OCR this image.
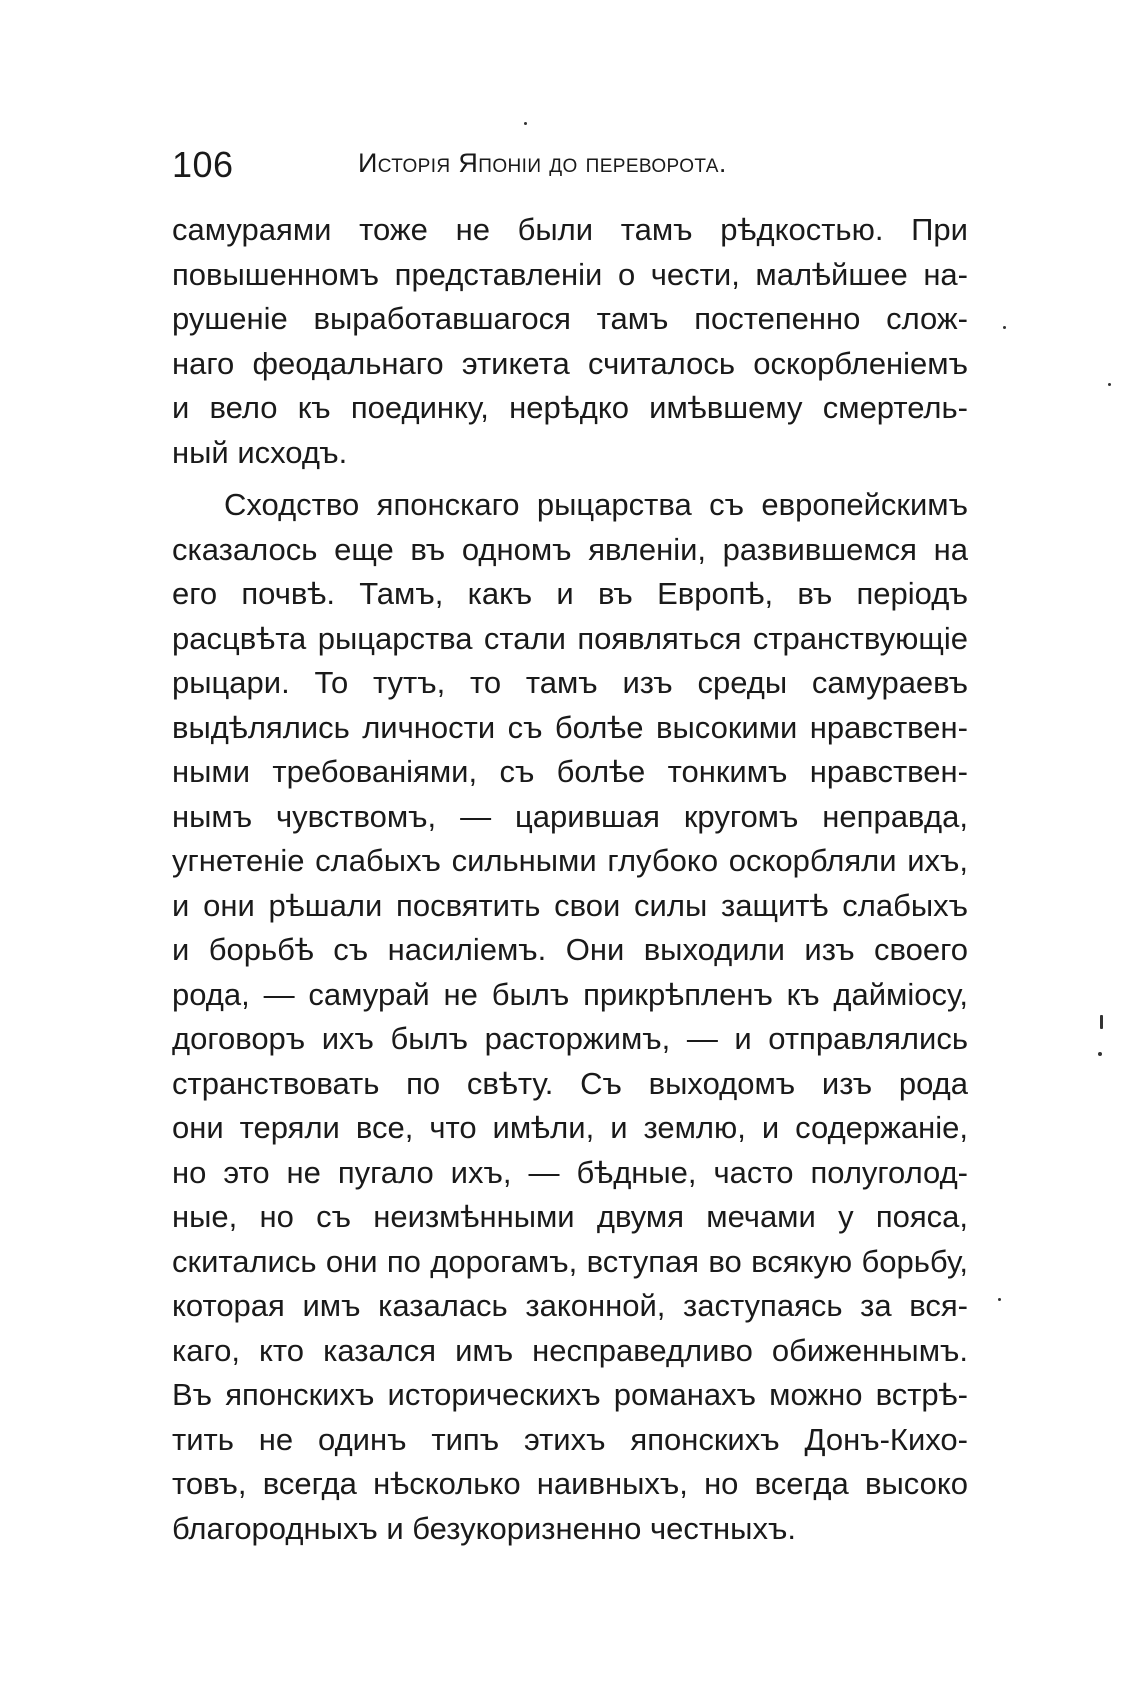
106	Исторія Японіи до переворота.
самураями тоже не были тамъ рѣдкостью. При
повышенномъ представленіи о чести, малѣйшее на-
рушеніе выработавшагося тамъ постепенно слож-
наго феодальнаго этикета считалось оскорбленіемъ
и вело къ поединку, нерѣдко имѣвшему смертель-
ный исходъ.
Сходство японскаго рыцарства съ европейскимъ
сказалось еще въ одномъ явленіи, развившемся на
его почвѣ. Тамъ, какъ и въ Европѣ, въ періодъ
расцвѣта рыцарства стали появляться странствующіе
рыцари. То тутъ, то тамъ изъ среды самураевъ
выдѣлялись личности съ болѣе высокими нравствен-
ными требованіями, съ болѣе тонкимъ нравствен-
нымъ чувствомъ, — царившая кругомъ неправда,
угнетеніе слабыхъ сильными глубоко оскорбляли ихъ,
и они рѣшали посвятить свои силы защитѣ слабыхъ
и борьбѣ съ насиліемъ. Они выходили изъ своего
рода, — самурай не былъ прикрѣпленъ къ дайміосу,
договоръ ихъ былъ расторжимъ, — и отправлялись
странствовать по свѣту. Съ выходомъ изъ рода
они теряли все, что имѣли, и землю, и содержаніе,
но это не пугало ихъ, — бѣдные, часто полуголод-
ные, но съ неизмѣнными двумя мечами у пояса,
скитались они по дорогамъ, вступая во всякую борьбу,
которая имъ казалась законной, заступаясь за вся-
каго, кто казался имъ несправедливо обиженнымъ.
Въ японскихъ историческихъ романахъ можно встрѣ-
тить не одинъ типъ этихъ японскихъ Донъ-Кихо-
товъ, всегда нѣсколько наивныхъ, но всегда высоко
благородныхъ и безукоризненно честныхъ.
